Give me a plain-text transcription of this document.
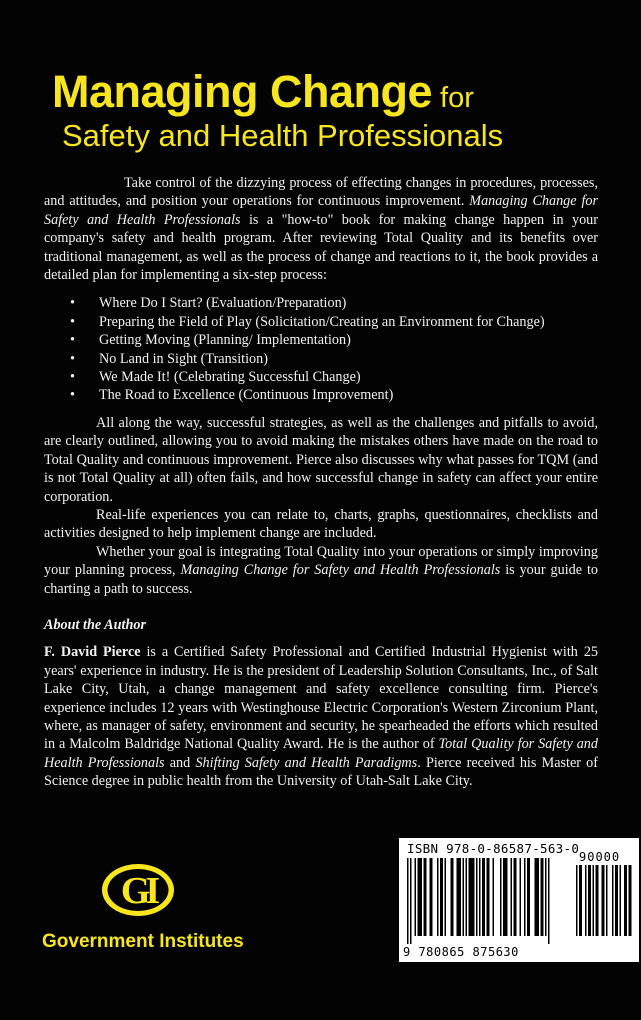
Managing Change for
Safety and Health Professionals

Take control of the dizzying process of effecting changes in procedures, processes, and attitudes, and position your operations for continuous improvement. Managing Change for Safety and Health Professionals is a "how-to" book for making change happen in your company's safety and health program. After reviewing Total Quality and its benefits over traditional management, as well as the process of change and reactions to it, the book provides a detailed plan for implementing a six-step process:

• Where Do I Start? (Evaluation/Preparation)
• Preparing the Field of Play (Solicitation/Creating an Environment for Change)
• Getting Moving (Planning/ Implementation)
• No Land in Sight (Transition)
• We Made It! (Celebrating Successful Change)
• The Road to Excellence (Continuous Improvement)

All along the way, successful strategies, as well as the challenges and pitfalls to avoid, are clearly outlined, allowing you to avoid making the mistakes others have made on the road to Total Quality and continuous improvement. Pierce also discusses why what passes for TQM (and is not Total Quality at all) often fails, and how successful change in safety can affect your entire corporation.

Real-life experiences you can relate to, charts, graphs, questionnaires, checklists and activities designed to help implement change are included.

Whether your goal is integrating Total Quality into your operations or simply improving your planning process, Managing Change for Safety and Health Professionals is your guide to charting a path to success.

About the Author

F. David Pierce is a Certified Safety Professional and Certified Industrial Hygienist with 25 years' experience in industry. He is the president of Leadership Solution Consultants, Inc., of Salt Lake City, Utah, a change management and safety excellence consulting firm. Pierce's experience includes 12 years with Westinghouse Electric Corporation's Western Zirconium Plant, where, as manager of safety, environment and security, he spearheaded the efforts which resulted in a Malcolm Baldridge National Quality Award. He is the author of Total Quality for Safety and Health Professionals and Shifting Safety and Health Paradigms. Pierce received his Master of Science degree in public health from the University of Utah-Salt Lake City.

GI
Government Institutes
ISBN 978-0-86587-563-0
90000
9 780865 875630
